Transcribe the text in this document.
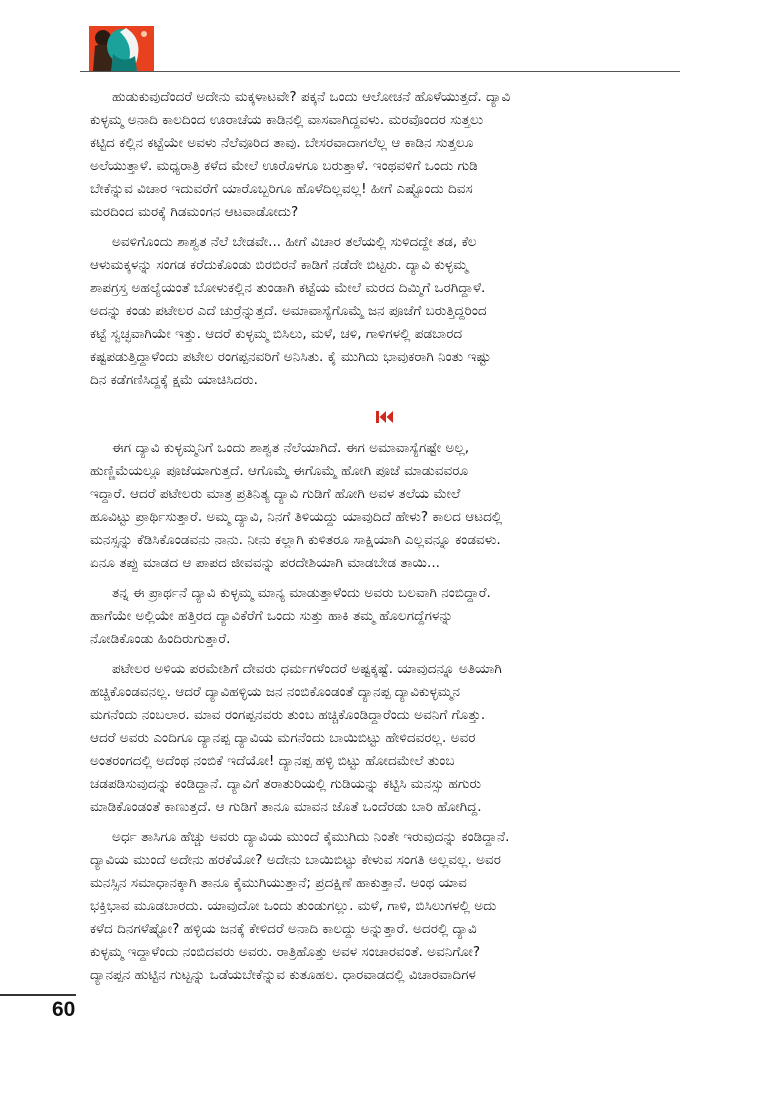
ಹುಡುಕುವುದೆಂದರೆ ಅದೇನು ಮಕ್ಕಳಾಟವೇ? ಪಕ್ಕನೆ ಒಂದು ಆಲೋಚನೆ ಹೊಳೆಯುತ್ತದೆ. ದ್ಯಾವಿ
ಕುಳ್ಳಮ್ಮ ಅನಾದಿ ಕಾಲದಿಂದ ಊರಾಚೆಯ ಕಾಡಿನಲ್ಲಿ ವಾಸವಾಗಿದ್ದವಳು. ಮರವೊಂದರ ಸುತ್ತಲು
ಕಟ್ಟಿದ ಕಲ್ಲಿನ ಕಟ್ಟೆಯೇ ಅವಳು ನೆಲೆವೂರಿದ ತಾವು. ಬೇಸರವಾದಾಗಲೆಲ್ಲ ಆ ಕಾಡಿನ ಸುತ್ತಲೂ
ಅಲೆಯುತ್ತಾಳೆ. ಮಧ್ಯರಾತ್ರಿ ಕಳೆದ ಮೇಲೆ ಊರೊಳಗೂ ಬರುತ್ತಾಳೆ. ಇಂಥವಳಿಗೆ ಒಂದು ಗುಡಿ
ಬೇಕೆನ್ನುವ ವಿಚಾರ ಇದುವರೆಗೆ ಯಾರೊಬ್ಬರಿಗೂ ಹೊಳೆದಿಲ್ಲವಲ್ಲ! ಹೀಗೆ ಎಷ್ಟೊಂದು ದಿವಸ
ಮರದಿಂದ ಮರಕ್ಕೆ ಗಿಡಮಂಗನ ಆಟವಾಡೋದು?

ಅವಳಿಗೊಂದು ಶಾಶ್ವತ ನೆಲೆ ಬೇಡವೇ... ಹೀಗೆ ವಿಚಾರ ತಲೆಯಲ್ಲಿ ಸುಳಿದದ್ದೇ ತಡ, ಕೆಲ
ಆಳುಮಕ್ಕಳನ್ನು ಸಂಗಡ ಕರೆದುಕೊಂಡು ಬಿರಬಿರನೆ ಕಾಡಿಗೆ ನಡೆದೇ ಬಿಟ್ಟರು. ದ್ಯಾವಿ ಕುಳ್ಳಮ್ಮ
ಶಾಪಗ್ರಸ್ತ ಅಹಲ್ಯೆಯಂತೆ ಬೋಳುಕಲ್ಲಿನ ತುಂಡಾಗಿ ಕಟ್ಟೆಯ ಮೇಲೆ ಮರದ ದಿಮ್ಮಿಗೆ ಒರಗಿದ್ದಾಳೆ.
ಅದನ್ನು ಕಂಡು ಪಟೇಲರ ಎದೆ ಚುರ್ರೆನ್ನುತ್ತದೆ. ಅಮಾವಾಸ್ಯೆಗೊಮ್ಮೆ ಜನ ಪೂಜೆಗೆ ಬರುತ್ತಿದ್ದರಿಂದ
ಕಟ್ಟೆ ಸ್ವಚ್ಛವಾಗಿಯೇ ಇತ್ತು. ಆದರೆ ಕುಳ್ಳಮ್ಮ ಬಿಸಿಲು, ಮಳೆ, ಚಳಿ, ಗಾಳಿಗಳಲ್ಲಿ ಪಡಬಾರದ
ಕಷ್ಟಪಡುತ್ತಿದ್ದಾಳೆಂದು ಪಟೇಲ ರಂಗಪ್ಪನವರಿಗೆ ಅನಿಸಿತು. ಕೈ ಮುಗಿದು ಭಾವುಕರಾಗಿ ನಿಂತು ಇಷ್ಟು
ದಿನ ಕಡೆಗಣಿಸಿದ್ದಕ್ಕೆ ಕ್ಷಮೆ ಯಾಚಿಸಿದರು.

ಈಗ ದ್ಯಾವಿ ಕುಳ್ಳಮ್ಮನಿಗೆ ಒಂದು ಶಾಶ್ವತ ನೆಲೆಯಾಗಿದೆ. ಈಗ ಅಮಾವಾಸ್ಯೆಗಷ್ಟೇ ಅಲ್ಲ,
ಹುಣ್ಣಿಮೆಯಲ್ಲೂ ಪೂಜೆಯಾಗುತ್ತದೆ. ಆಗೊಮ್ಮೆ ಈಗೊಮ್ಮೆ ಹೋಗಿ ಪೂಜೆ ಮಾಡುವವರೂ
ಇದ್ದಾರೆ. ಆದರೆ ಪಟೇಲರು ಮಾತ್ರ ಪ್ರತಿನಿತ್ಯ ದ್ಯಾವಿ ಗುಡಿಗೆ ಹೋಗಿ ಅವಳ ತಲೆಯ ಮೇಲೆ
ಹೂವಿಟ್ಟು ಪ್ರಾರ್ಥಿಸುತ್ತಾರೆ. ಅಮ್ಮ ದ್ಯಾವಿ, ನಿನಗೆ ತಿಳಿಯದ್ದು ಯಾವುದಿದೆ ಹೇಳು? ಕಾಲದ ಆಟದಲ್ಲಿ
ಮನಸ್ಸನ್ನು ಕೆಡಿಸಿಕೊಂಡವನು ನಾನು. ನೀನು ಕಲ್ಲಾಗಿ ಕುಳಿತರೂ ಸಾಕ್ಷಿಯಾಗಿ ಎಲ್ಲವನ್ನೂ ಕಂಡವಳು.
ಏನೂ ತಪ್ಪು ಮಾಡದ ಆ ಪಾಪದ ಜೀವವನ್ನು ಪರದೇಶಿಯಾಗಿ ಮಾಡಬೇಡ ತಾಯಿ...

ತನ್ನ ಈ ಪ್ರಾರ್ಥನೆ ದ್ಯಾವಿ ಕುಳ್ಳಮ್ಮ ಮಾನ್ಯ ಮಾಡುತ್ತಾಳೆಂದು ಅವರು ಬಲವಾಗಿ ನಂಬಿದ್ದಾರೆ.
ಹಾಗೆಯೇ ಅಲ್ಲಿಯೇ ಹತ್ತಿರದ ದ್ಯಾವಿಕೆರೆಗೆ ಒಂದು ಸುತ್ತು ಹಾಕಿ ತಮ್ಮ ಹೊಲಗದ್ದೆಗಳನ್ನು
ನೋಡಿಕೊಂಡು ಹಿಂದಿರುಗುತ್ತಾರೆ.

ಪಟೇಲರ ಅಳಿಯ ಪರಮೇಶಿಗೆ ದೇವರು ಧರ್ಮಗಳೆಂದರೆ ಅಷ್ಟಕ್ಕಷ್ಟೆ. ಯಾವುದನ್ನೂ ಅತಿಯಾಗಿ
ಹಚ್ಚಿಕೊಂಡವನಲ್ಲ. ಆದರೆ ದ್ಯಾವಿಹಳ್ಳಿಯ ಜನ ನಂಬಿಕೊಂಡಂತೆ ದ್ಯಾನಪ್ಪ ದ್ಯಾವಿಕುಳ್ಳಮ್ಮನ
ಮಗನೆಂದು ನಂಬಲಾರ. ಮಾವ ರಂಗಪ್ಪನವರು ತುಂಬ ಹಚ್ಚಿಕೊಂಡಿದ್ದಾರೆಂದು ಅವನಿಗೆ ಗೊತ್ತು.
ಆದರೆ ಅವರು ಎಂದಿಗೂ ದ್ಯಾನಪ್ಪ ದ್ಯಾವಿಯ ಮಗನೆಂದು ಬಾಯಿಬಿಟ್ಟು ಹೇಳಿದವರಲ್ಲ. ಅವರ
ಅಂತರಂಗದಲ್ಲಿ ಅದೆಂಥ ನಂಬಿಕೆ ಇದೆಯೋ! ದ್ಯಾನಪ್ಪ ಹಳ್ಳಿ ಬಿಟ್ಟು ಹೋದಮೇಲೆ ತುಂಬ
ಚಡಪಡಿಸುವುದನ್ನು ಕಂಡಿದ್ದಾನೆ. ದ್ಯಾವಿಗೆ ತರಾತುರಿಯಲ್ಲಿ ಗುಡಿಯನ್ನು ಕಟ್ಟಿಸಿ ಮನಸ್ಸು ಹಗುರು
ಮಾಡಿಕೊಂಡಂತೆ ಕಾಣುತ್ತದೆ. ಆ ಗುಡಿಗೆ ತಾನೂ ಮಾವನ ಜೊತೆ ಒಂದೆರಡು ಬಾರಿ ಹೋಗಿದ್ದ.

ಅರ್ಧ ತಾಸಿಗೂ ಹೆಚ್ಚು ಅವರು ದ್ಯಾವಿಯ ಮುಂದೆ ಕೈಮುಗಿದು ನಿಂತೇ ಇರುವುದನ್ನು ಕಂಡಿದ್ದಾನೆ.
ದ್ಯಾವಿಯ ಮುಂದೆ ಅದೇನು ಹರಕೆಯೋ? ಅದೇನು ಬಾಯಿಬಿಟ್ಟು ಕೇಳುವ ಸಂಗತಿ ಅಲ್ಲವಲ್ಲ. ಅವರ
ಮನಸ್ಸಿನ ಸಮಾಧಾನಕ್ಕಾಗಿ ತಾನೂ ಕೈಮುಗಿಯುತ್ತಾನೆ; ಪ್ರದಕ್ಷಿಣೆ ಹಾಕುತ್ತಾನೆ. ಅಂಥ ಯಾವ
ಭಕ್ತಿಭಾವ ಮೂಡಬಾರದು. ಯಾವುದೋ ಒಂದು ತುಂಡುಗಲ್ಲು. ಮಳೆ, ಗಾಳಿ, ಬಿಸಿಲುಗಳಲ್ಲಿ ಅದು
ಕಳೆದ ದಿನಗಳೆಷ್ಟೋ? ಹಳ್ಳಿಯ ಜನಕ್ಕೆ ಕೇಳಿದರೆ ಅನಾದಿ ಕಾಲದ್ದು ಅನ್ನುತ್ತಾರೆ. ಅದರಲ್ಲಿ ದ್ಯಾವಿ
ಕುಳ್ಳಮ್ಮ ಇದ್ದಾಳೆಂದು ನಂಬಿದವರು ಅವರು. ರಾತ್ರಿಹೊತ್ತು ಅವಳ ಸಂಚಾರವಂತೆ. ಅವನಿಗೋ?
ದ್ಯಾನಪ್ಪನ ಹುಟ್ಟಿನ ಗುಟ್ಟನ್ನು ಒಡೆಯಬೇಕೆನ್ನುವ ಕುತೂಹಲ. ಧಾರವಾಡದಲ್ಲಿ ವಿಚಾರವಾದಿಗಳ

60
